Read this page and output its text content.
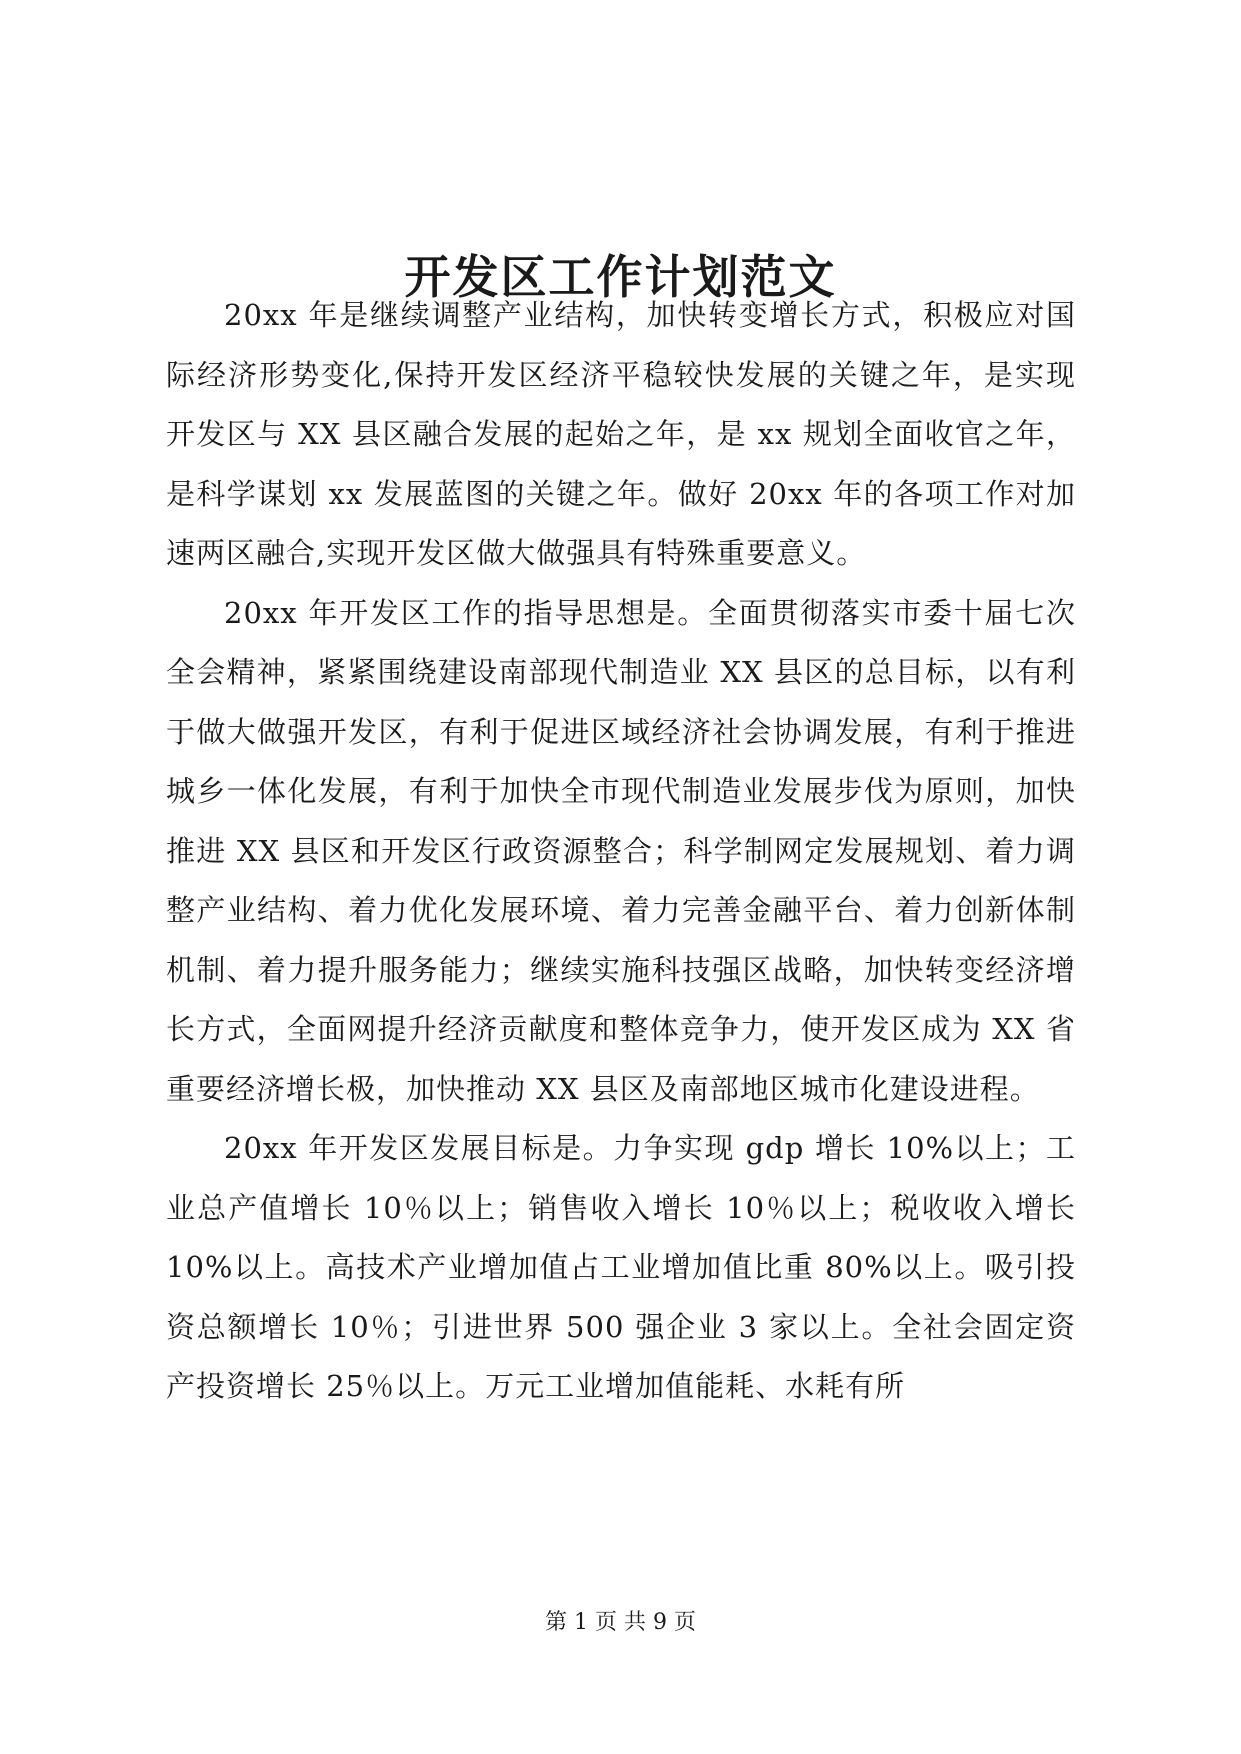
开发区工作计划范文

20xx 年是继续调整产业结构，加快转变增长方式，积极应对国际经济形势变化,保持开发区经济平稳较快发展的关键之年，是实现开发区与 XX 县区融合发展的起始之年，是 xx 规划全面收官之年，是科学谋划 xx 发展蓝图的关键之年。做好 20xx 年的各项工作对加速两区融合,实现开发区做大做强具有特殊重要意义。

20xx 年开发区工作的指导思想是。全面贯彻落实市委十届七次全会精神，紧紧围绕建设南部现代制造业 XX 县区的总目标，以有利于做大做强开发区，有利于促进区域经济社会协调发展，有利于推进城乡一体化发展，有利于加快全市现代制造业发展步伐为原则，加快推进 XX 县区和开发区行政资源整合；科学制网定发展规划、着力调整产业结构、着力优化发展环境、着力完善金融平台、着力创新体制机制、着力提升服务能力；继续实施科技强区战略，加快转变经济增长方式，全面网提升经济贡献度和整体竞争力，使开发区成为 XX 省重要经济增长极，加快推动 XX 县区及南部地区城市化建设进程。

20xx 年开发区发展目标是。力争实现 gdp 增长 10%以上；工业总产值增长 10％以上；销售收入增长 10％以上；税收收入增长 10%以上。高技术产业增加值占工业增加值比重 80%以上。吸引投资总额增长 10％；引进世界 500 强企业 3 家以上。全社会固定资产投资增长 25％以上。万元工业增加值能耗、水耗有所

第 1 页 共 9 页
